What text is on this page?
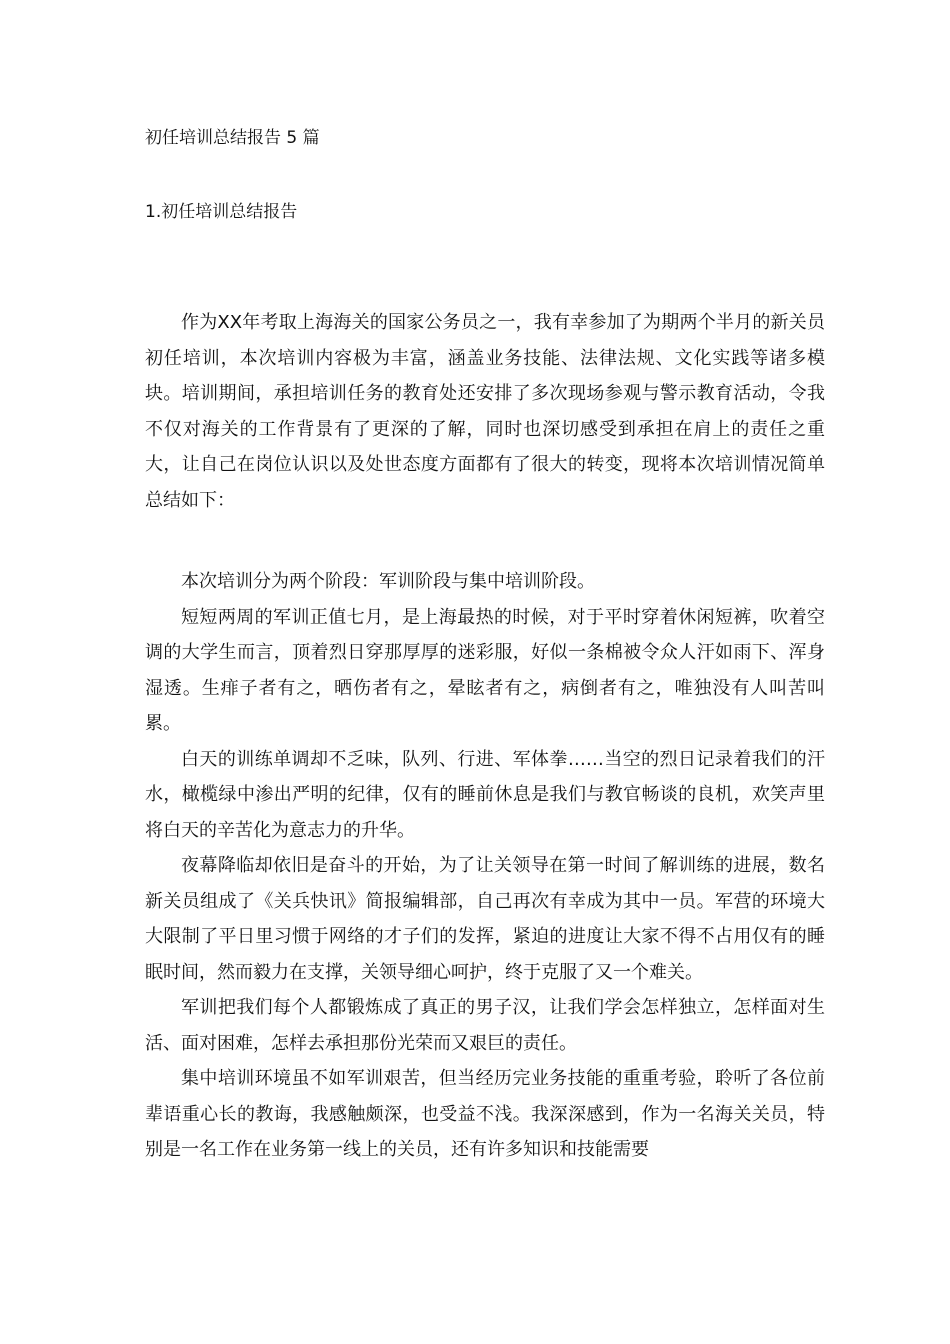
初任培训总结报告 5 篇
1.初任培训总结报告

作为XX年考取上海海关的国家公务员之一，我有幸参加了为期两个半月的新关员初任培训，本次培训内容极为丰富，涵盖业务技能、法律法规、文化实践等诸多模块。培训期间，承担培训任务的教育处还安排了多次现场参观与警示教育活动，令我不仅对海关的工作背景有了更深的了解，同时也深切感受到承担在肩上的责任之重大，让自己在岗位认识以及处世态度方面都有了很大的转变，现将本次培训情况简单总结如下：

本次培训分为两个阶段：军训阶段与集中培训阶段。

短短两周的军训正值七月，是上海最热的时候，对于平时穿着休闲短裤，吹着空调的大学生而言，顶着烈日穿那厚厚的迷彩服，好似一条棉被令众人汗如雨下、浑身湿透。生痱子者有之，晒伤者有之，晕眩者有之，病倒者有之，唯独没有人叫苦叫累。

白天的训练单调却不乏味，队列、行进、军体拳……当空的烈日记录着我们的汗水，橄榄绿中渗出严明的纪律，仅有的睡前休息是我们与教官畅谈的良机，欢笑声里将白天的辛苦化为意志力的升华。

夜幕降临却依旧是奋斗的开始，为了让关领导在第一时间了解训练的进展，数名新关员组成了《关兵快讯》简报编辑部，自己再次有幸成为其中一员。军营的环境大大限制了平日里习惯于网络的才子们的发挥，紧迫的进度让大家不得不占用仅有的睡眠时间，然而毅力在支撑，关领导细心呵护，终于克服了又一个难关。

军训把我们每个人都锻炼成了真正的男子汉，让我们学会怎样独立，怎样面对生活、面对困难，怎样去承担那份光荣而又艰巨的责任。

集中培训环境虽不如军训艰苦，但当经历完业务技能的重重考验，聆听了各位前辈语重心长的教诲，我感触颇深，也受益不浅。我深深感到，作为一名海关关员，特别是一名工作在业务第一线上的关员，还有许多知识和技能需要
